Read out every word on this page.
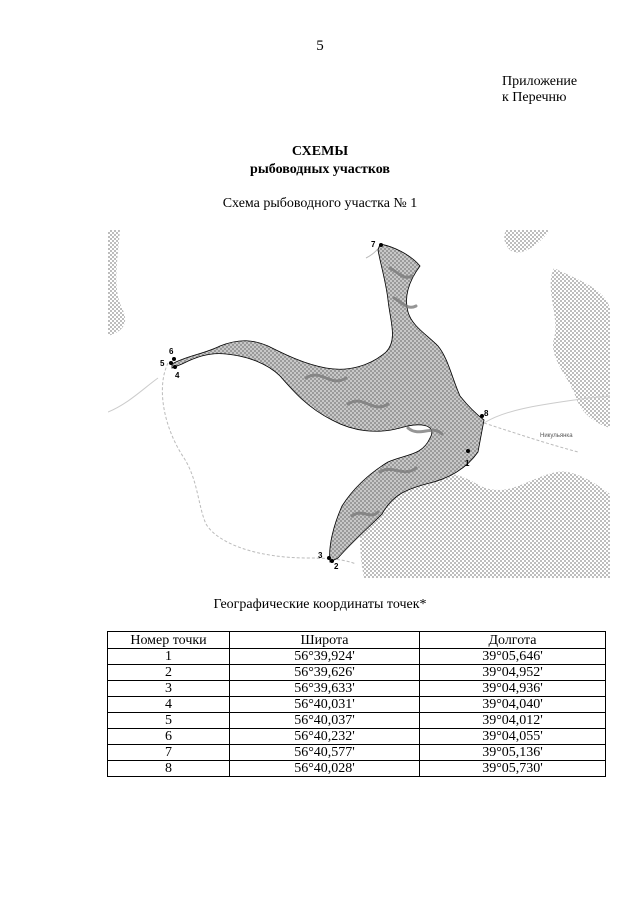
5
Приложение
к Перечню
СХЕМЫ
рыбоводных участков
Схема рыбоводного участка № 1
1
2
3
4
5
6
7
8
Никульянка
Географические координаты точек*
Номер точки	Широта	Долгота
1	56°39,924'	39°05,646'
2	56°39,626'	39°04,952'
3	56°39,633'	39°04,936'
4	56°40,031'	39°04,040'
5	56°40,037'	39°04,012'
6	56°40,232'	39°04,055'
7	56°40,577'	39°05,136'
8	56°40,028'	39°05,730'
